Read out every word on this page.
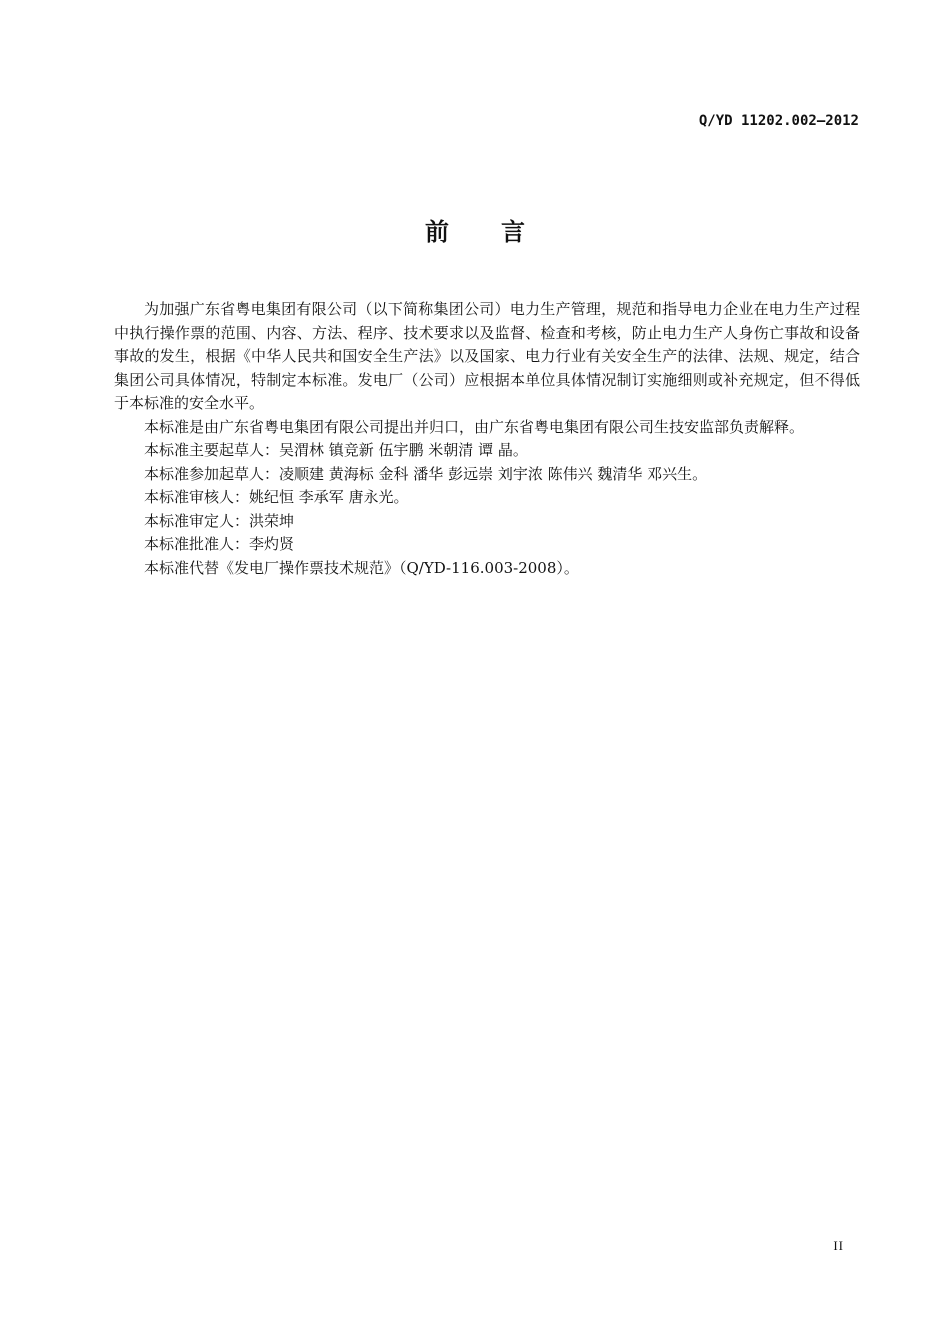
Q/YD 11202.002—2012
前 言

为加强广东省粤电集团有限公司（以下简称集团公司）电力生产管理，规范和指导电力企业在电力生产过程中执行操作票的范围、内容、方法、程序、技术要求以及监督、检查和考核，防止电力生产人身伤亡事故和设备事故的发生，根据《中华人民共和国安全生产法》以及国家、电力行业有关安全生产的法律、法规、规定，结合集团公司具体情况，特制定本标准。发电厂（公司）应根据本单位具体情况制订实施细则或补充规定，但不得低于本标准的安全水平。

本标准是由广东省粤电集团有限公司提出并归口，由广东省粤电集团有限公司生技安监部负责解释。

本标准主要起草人：吴渭林 镇竞新 伍宇鹏 米朝清 谭 晶。

本标准参加起草人：凌顺建 黄海标 金科 潘华 彭远崇 刘宇浓 陈伟兴 魏清华 邓兴生。

本标准审核人：姚纪恒 李承军 唐永光。

本标准审定人：洪荣坤

本标准批准人：李灼贤

本标准代替《发电厂操作票技术规范》（Q/YD-116.003-2008）。

II
